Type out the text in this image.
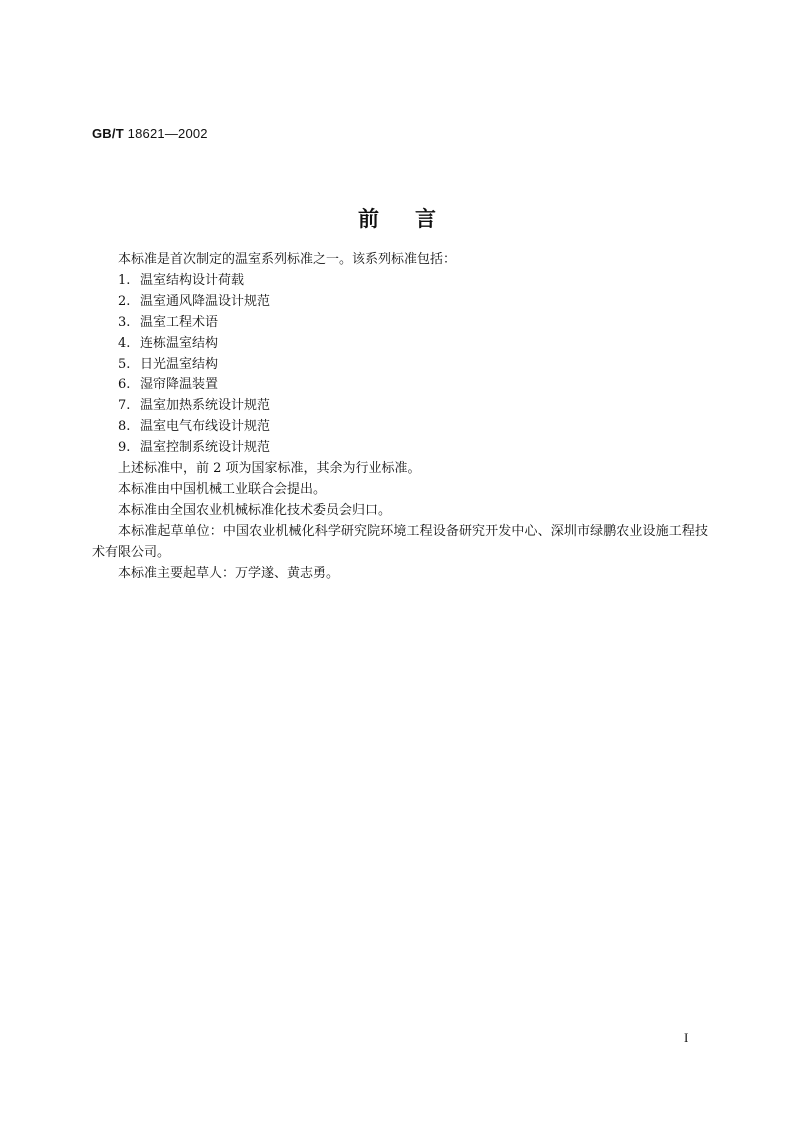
GB/T 18621—2002
前言

本标准是首次制定的温室系列标准之一。该系列标准包括：

1. 温室结构设计荷载
2. 温室通风降温设计规范
3. 温室工程术语
4. 连栋温室结构
5. 日光温室结构
6. 湿帘降温装置
7. 温室加热系统设计规范
8. 温室电气布线设计规范
9. 温室控制系统设计规范

上述标准中，前 2 项为国家标准，其余为行业标准。

本标准由中国机械工业联合会提出。

本标准由全国农业机械标准化技术委员会归口。

本标准起草单位：中国农业机械化科学研究院环境工程设备研究开发中心、深圳市绿鹏农业设施工程技术有限公司。

本标准主要起草人：万学遂、黄志勇。

I
